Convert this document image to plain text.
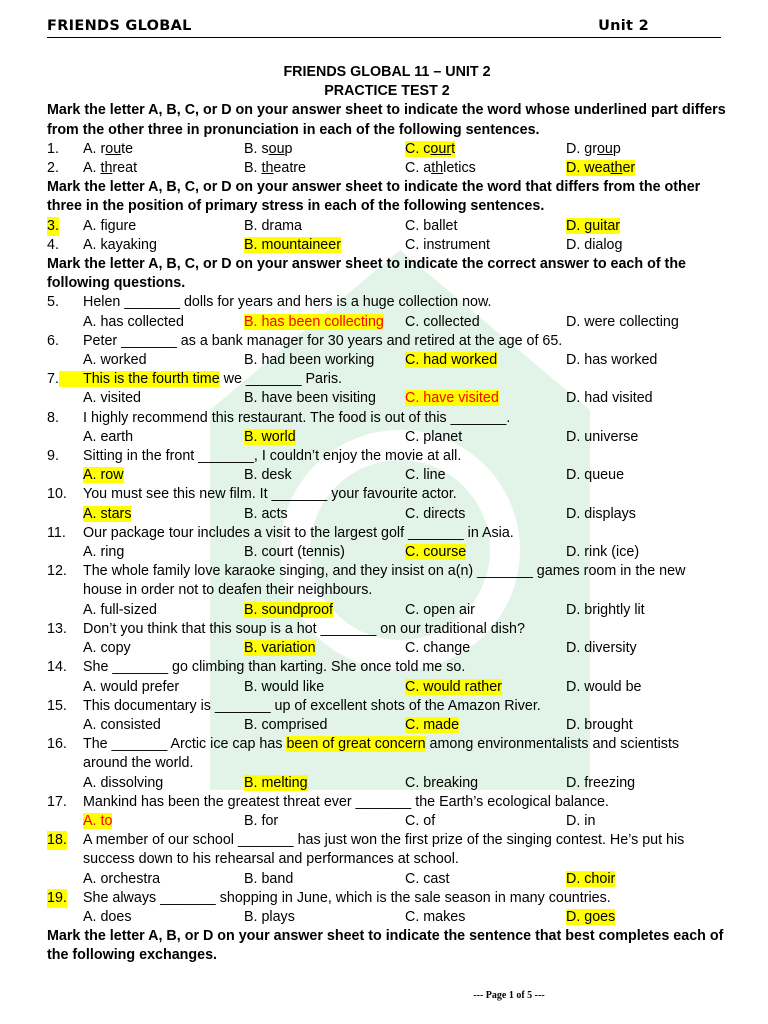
FRIENDS GLOBAL	Unit 2
FRIENDS GLOBAL 11 – UNIT 2
PRACTICE TEST 2
Mark the letter A, B, C, or D on your answer sheet to indicate the word whose underlined part differs from the other three in pronunciation in each of the following sentences.
1. A. route	B. soup	C. court	D. group
2. A. threat	B. theatre	C. athletics	D. weather
Mark the letter A, B, C, or D on your answer sheet to indicate the word that differs from the other three in the position of primary stress in each of the following sentences.
3. A. figure	B. drama	C. ballet	D. guitar
4. A. kayaking	B. mountaineer	C. instrument	D. dialog
Mark the letter A, B, C, or D on your answer sheet to indicate the correct answer to each of the following questions.
5. Helen _______ dolls for years and hers is a huge collection now.
A. has collected	B. has been collecting	C. collected	D. were collecting
6. Peter _______ as a bank manager for 30 years and retired at the age of 65.
A. worked	B. had been working	C. had worked	D. has worked
7. This is the fourth time we _______ Paris.
A. visited	B. have been visiting	C. have visited	D. had visited
8. I highly recommend this restaurant. The food is out of this _______.
A. earth	B. world	C. planet	D. universe
9. Sitting in the front _______, I couldn’t enjoy the movie at all.
A. row	B. desk	C. line	D. queue
10. You must see this new film. It _______ your favourite actor.
A. stars	B. acts	C. directs	D. displays
11. Our package tour includes a visit to the largest golf _______ in Asia.
A. ring	B. court (tennis)	C. course	D. rink (ice)
12. The whole family love karaoke singing, and they insist on a(n) _______ games room in the new house in order not to deafen their neighbours.
A. full-sized	B. soundproof	C. open air	D. brightly lit
13. Don’t you think that this soup is a hot _______ on our traditional dish?
A. copy	B. variation	C. change	D. diversity
14. She _______ go climbing than karting. She once told me so.
A. would prefer	B. would like	C. would rather	D. would be
15. This documentary is _______ up of excellent shots of the Amazon River.
A. consisted	B. comprised	C. made	D. brought
16. The _______ Arctic ice cap has been of great concern among environmentalists and scientists around the world.
A. dissolving	B. melting	C. breaking	D. freezing
17. Mankind has been the greatest threat ever _______ the Earth’s ecological balance.
A. to	B. for	C. of	D. in
18. A member of our school _______ has just won the first prize of the singing contest. He’s put his success down to his rehearsal and performances at school.
A. orchestra	B. band	C. cast	D. choir
19. She always _______ shopping in June, which is the sale season in many countries.
A. does	B. plays	C. makes	D. goes
Mark the letter A, B, or D on your answer sheet to indicate the sentence that best completes each of the following exchanges.
--- Page 1 of 5 ---
